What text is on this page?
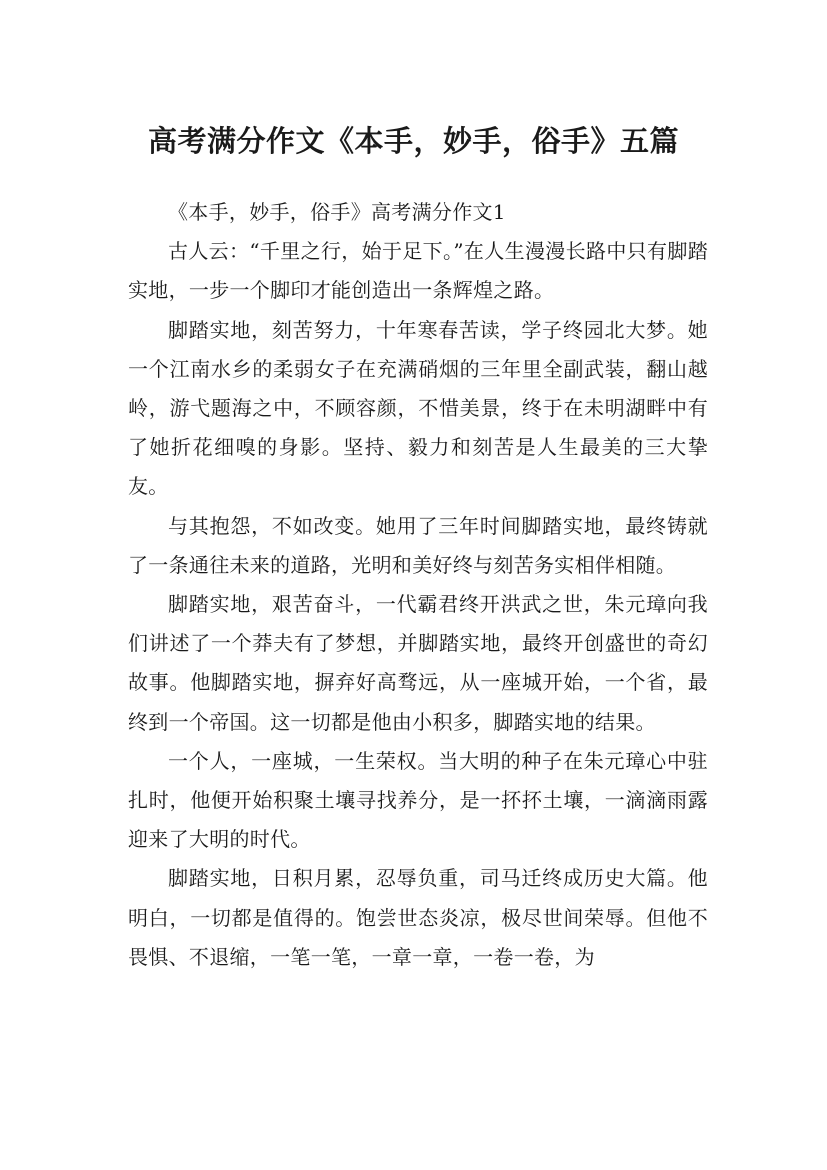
高考满分作文《本手，妙手，俗手》五篇

《本手，妙手，俗手》高考满分作文1

古人云：“千里之行，始于足下。”在人生漫漫长路中只有脚踏实地，一步一个脚印才能创造出一条辉煌之路。

脚踏实地，刻苦努力，十年寒春苦读，学子终园北大梦。她一个江南水乡的柔弱女子在充满硝烟的三年里全副武装，翻山越岭，游弋题海之中，不顾容颜，不惜美景，终于在未明湖畔中有了她折花细嗅的身影。坚持、毅力和刻苦是人生最美的三大挚友。

与其抱怨，不如改变。她用了三年时间脚踏实地，最终铸就了一条通往未来的道路，光明和美好终与刻苦务实相伴相随。

脚踏实地，艰苦奋斗，一代霸君终开洪武之世，朱元璋向我们讲述了一个莽夫有了梦想，并脚踏实地，最终开创盛世的奇幻故事。他脚踏实地，摒弃好高骛远，从一座城开始，一个省，最终到一个帝国。这一切都是他由小积多，脚踏实地的结果。

一个人，一座城，一生荣权。当大明的种子在朱元璋心中驻扎时，他便开始积聚土壤寻找养分，是一抔抔土壤，一滴滴雨露迎来了大明的时代。

脚踏实地，日积月累，忍辱负重，司马迁终成历史大篇。他明白，一切都是值得的。饱尝世态炎凉，极尽世间荣辱。但他不畏惧、不退缩，一笔一笔，一章一章，一卷一卷，为
